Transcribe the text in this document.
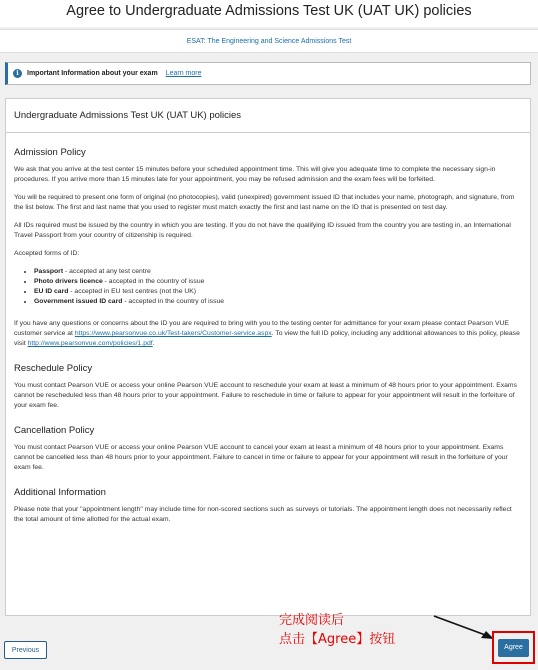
Agree to Undergraduate Admissions Test UK (UAT UK) policies
ESAT: The Engineering and Science Admissions Test
i	Important Information about your exam Learn more
Undergraduate Admissions Test UK (UAT UK) policies
Admission Policy

We ask that you arrive at the test center 15 minutes before your scheduled appointment time. This will give you adequate time to complete the necessary sign-in procedures. If you arrive more than 15 minutes late for your appointment, you may be refused admission and the exam fees will be forfeited.

You will be required to present one form of original (no photocopies), valid (unexpired) government issued ID that includes your name, photograph, and signature, from the list below. The first and last name that you used to register must match exactly the first and last name on the ID that is presented on test day.

All IDs required must be issued by the country in which you are testing. If you do not have the qualifying ID issued from the country you are testing in, an International Travel Passport from your country of citizenship is required.

Accepted forms of ID:

• Passport - accepted at any test centre
• Photo drivers licence - accepted in the country of issue
• EU ID card - accepted in EU test centres (not the UK)
• Government issued ID card - accepted in the country of issue

If you have any questions or concerns about the ID you are required to bring with you to the testing center for admittance for your exam please contact Pearson VUE customer service at https://www.pearsonvue.co.uk/Test-takers/Customer-service.aspx. To view the full ID policy, including any additional allowances to this policy, please visit http://www.pearsonvue.com/policies/1.pdf.

Reschedule Policy

You must contact Pearson VUE or access your online Pearson VUE account to reschedule your exam at least a minimum of 48 hours prior to your appointment. Exams cannot be rescheduled less than 48 hours prior to your appointment. Failure to reschedule in time or failure to appear for your appointment will result in the forfeiture of your exam fee.

Cancellation Policy

You must contact Pearson VUE or access your online Pearson VUE account to cancel your exam at least a minimum of 48 hours prior to your appointment. Exams cannot be cancelled less than 48 hours prior to your appointment. Failure to cancel in time or failure to appear for your appointment will result in the forfeiture of your exam fee.

Additional Information

Please note that your "appointment length" may include time for non-scored sections such as surveys or tutorials. The appointment length does not necessarily reflect the total amount of time allotted for the actual exam.

Previous
完成阅读后
点击【Agree】按钮
Agree
